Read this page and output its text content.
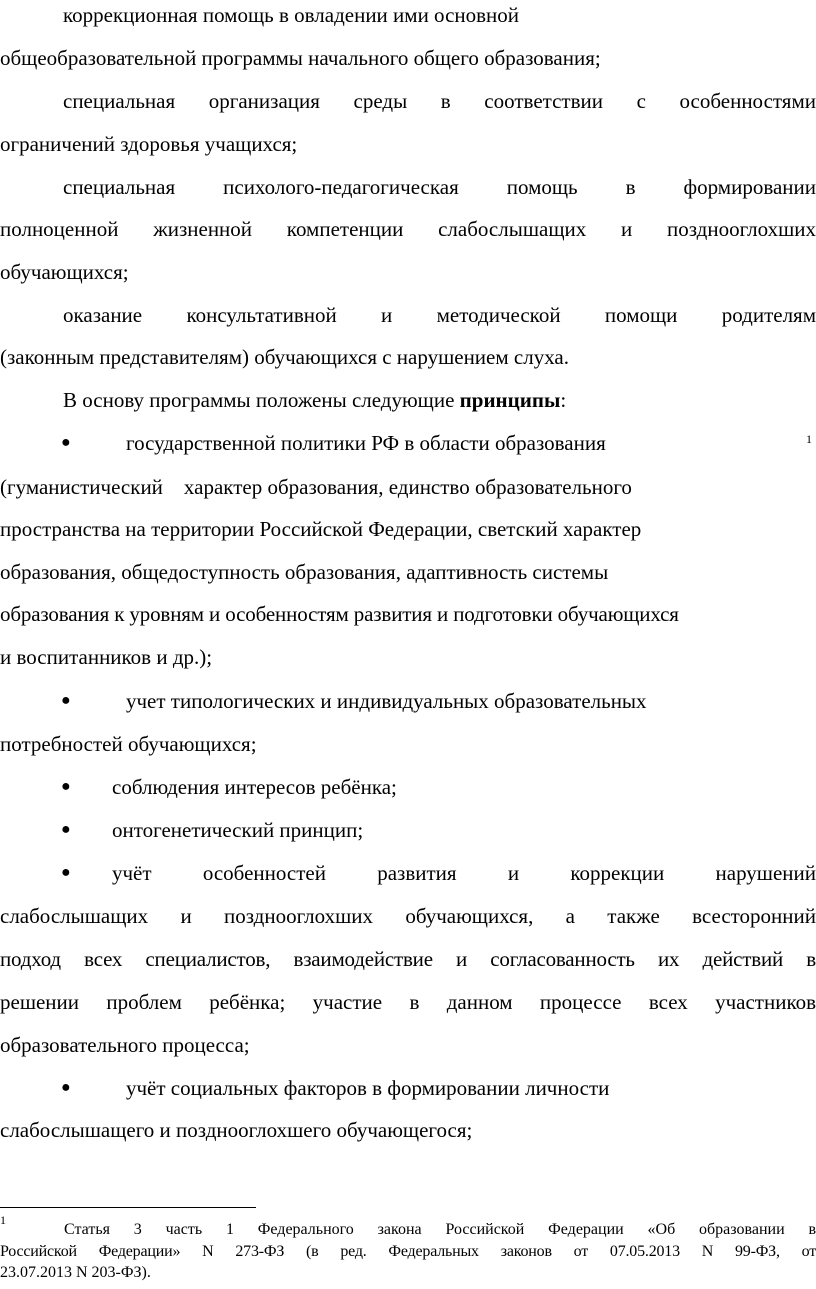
коррекционная помощь в овладении ими основной
общеобразовательной программы начального общего образования;
специальная организация среды в соответствии с особенностями
ограничений здоровья учащихся;
специальная психолого-педагогическая помощь в формировании
полноценной жизненной компетенции слабослышащих и позднооглохших
обучающихся;
оказание консультативной и методической помощи родителям
(законным представителям) обучающихся с нарушением слуха.
В основу программы положены следующие принципы:
●	государственной политики РФ в области образования	1
(гуманистический    характер образования, единство образовательного
пространства на территории Российской Федерации, светский характер
образования, общедоступность образования, адаптивность системы
образования к уровням и особенностям развития и подготовки обучающихся
и воспитанников и др.);
●	учет типологических и индивидуальных образовательных
потребностей обучающихся;
● соблюдения интересов ребёнка;
● онтогенетический принцип;
● учёт особенностей развития и коррекции нарушений
слабослышащих и позднооглохших обучающихся, а также всесторонний
подход всех специалистов, взаимодействие и согласованность их действий в
решении проблем ребёнка; участие в данном процессе всех участников
образовательного процесса;
●	учёт социальных факторов в формировании личности
слабослышащего и позднооглохшего обучающегося;
1
Статья 3 часть 1 Федерального закона Российской Федерации «Об образовании в
Российской Федерации» N 273-ФЗ (в ред. Федеральных законов от 07.05.2013 N 99-ФЗ, от
23.07.2013 N 203-ФЗ).
